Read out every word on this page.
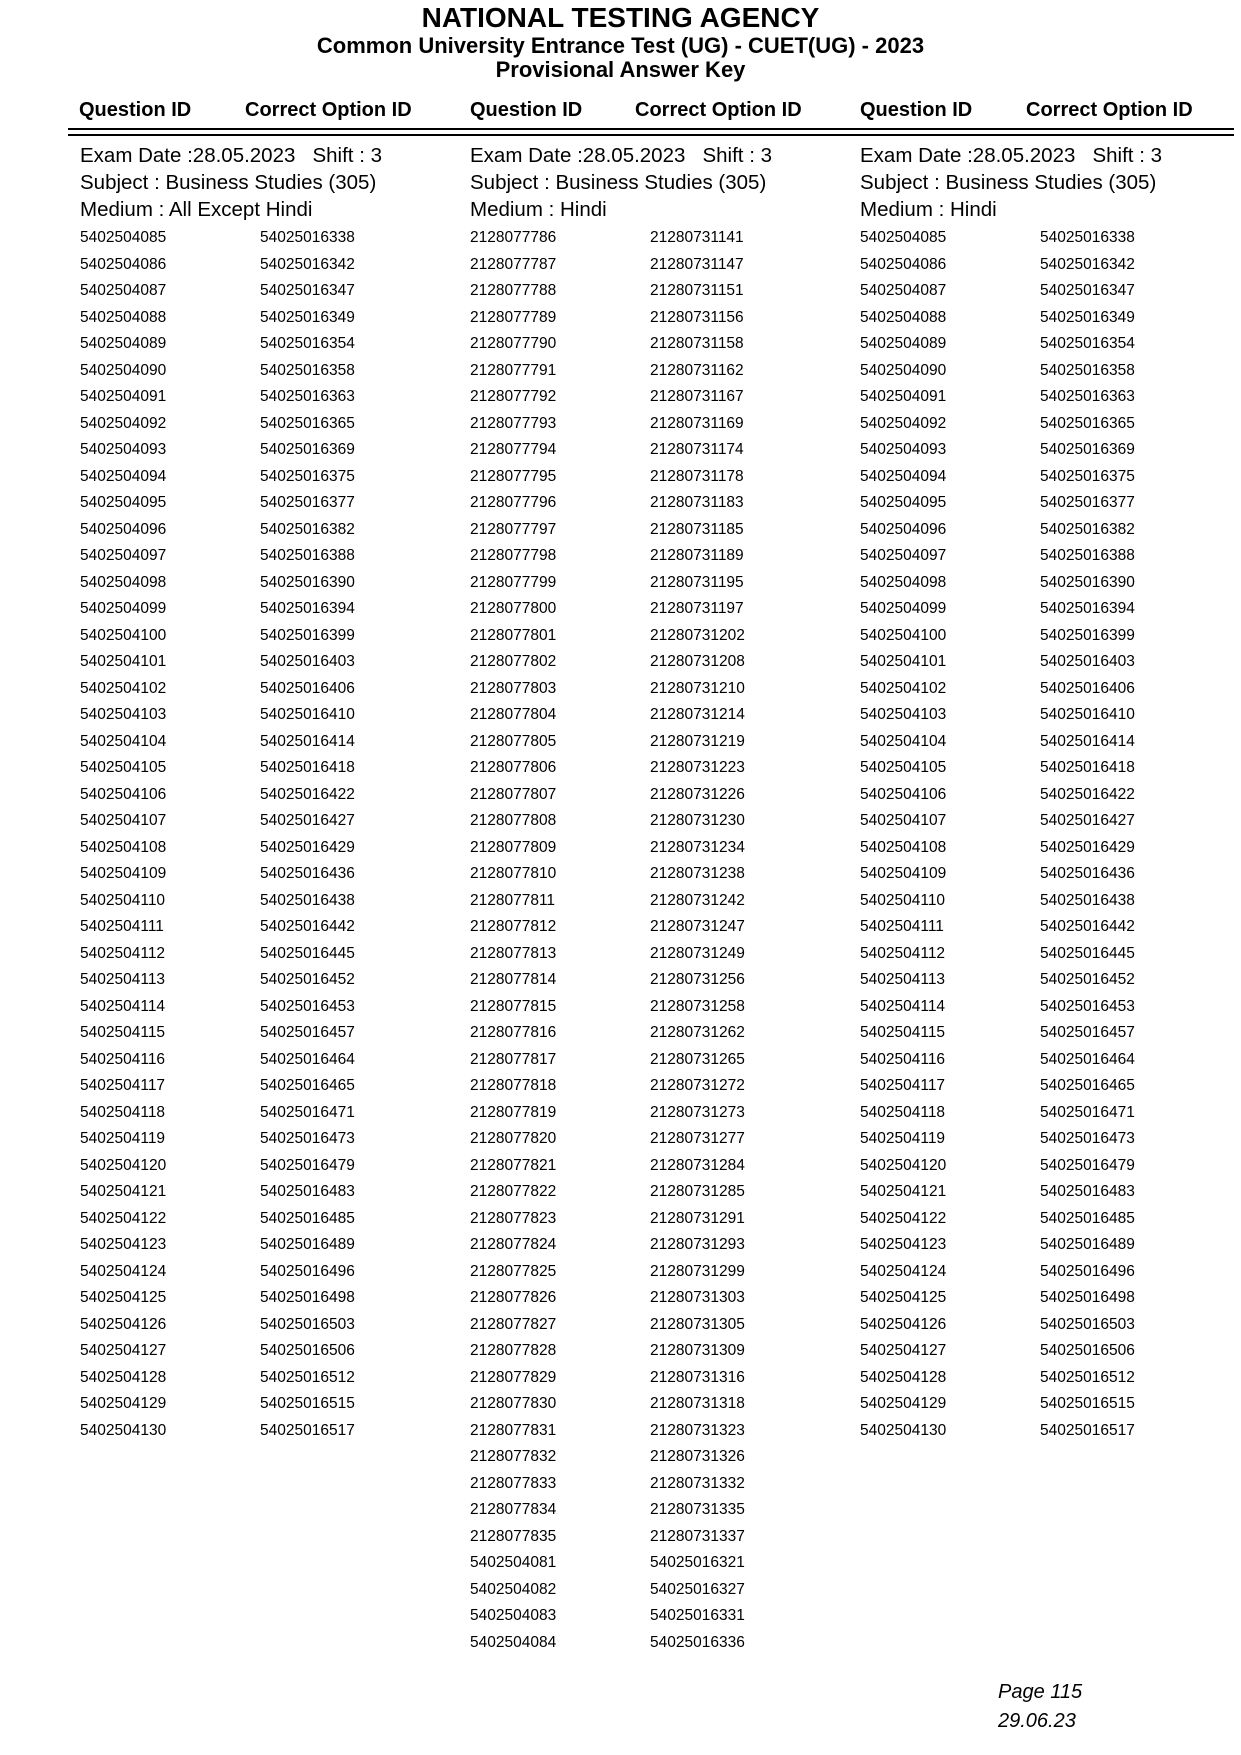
NATIONAL TESTING AGENCY
Common University Entrance Test (UG) - CUET(UG) - 2023
Provisional Answer Key
Question ID	Correct Option ID	Question ID	Correct Option ID	Question ID	Correct Option ID
Exam Date :28.05.2023 Shift : 3
Subject : Business Studies (305)
Medium : All Except Hindi
5402504085	54025016338
5402504086	54025016342
5402504087	54025016347
5402504088	54025016349
5402504089	54025016354
5402504090	54025016358
5402504091	54025016363
5402504092	54025016365
5402504093	54025016369
5402504094	54025016375
5402504095	54025016377
5402504096	54025016382
5402504097	54025016388
5402504098	54025016390
5402504099	54025016394
5402504100	54025016399
5402504101	54025016403
5402504102	54025016406
5402504103	54025016410
5402504104	54025016414
5402504105	54025016418
5402504106	54025016422
5402504107	54025016427
5402504108	54025016429
5402504109	54025016436
5402504110	54025016438
5402504111	54025016442
5402504112	54025016445
5402504113	54025016452
5402504114	54025016453
5402504115	54025016457
5402504116	54025016464
5402504117	54025016465
5402504118	54025016471
5402504119	54025016473
5402504120	54025016479
5402504121	54025016483
5402504122	54025016485
5402504123	54025016489
5402504124	54025016496
5402504125	54025016498
5402504126	54025016503
5402504127	54025016506
5402504128	54025016512
5402504129	54025016515
5402504130	54025016517
Exam Date :28.05.2023 Shift : 3
Subject : Business Studies (305)
Medium : Hindi
2128077786	21280731141
2128077787	21280731147
2128077788	21280731151
2128077789	21280731156
2128077790	21280731158
2128077791	21280731162
2128077792	21280731167
2128077793	21280731169
2128077794	21280731174
2128077795	21280731178
2128077796	21280731183
2128077797	21280731185
2128077798	21280731189
2128077799	21280731195
2128077800	21280731197
2128077801	21280731202
2128077802	21280731208
2128077803	21280731210
2128077804	21280731214
2128077805	21280731219
2128077806	21280731223
2128077807	21280731226
2128077808	21280731230
2128077809	21280731234
2128077810	21280731238
2128077811	21280731242
2128077812	21280731247
2128077813	21280731249
2128077814	21280731256
2128077815	21280731258
2128077816	21280731262
2128077817	21280731265
2128077818	21280731272
2128077819	21280731273
2128077820	21280731277
2128077821	21280731284
2128077822	21280731285
2128077823	21280731291
2128077824	21280731293
2128077825	21280731299
2128077826	21280731303
2128077827	21280731305
2128077828	21280731309
2128077829	21280731316
2128077830	21280731318
2128077831	21280731323
2128077832	21280731326
2128077833	21280731332
2128077834	21280731335
2128077835	21280731337
5402504081	54025016321
5402504082	54025016327
5402504083	54025016331
5402504084	54025016336
Exam Date :28.05.2023 Shift : 3
Subject : Business Studies (305)
Medium : Hindi
5402504085	54025016338
5402504086	54025016342
5402504087	54025016347
5402504088	54025016349
5402504089	54025016354
5402504090	54025016358
5402504091	54025016363
5402504092	54025016365
5402504093	54025016369
5402504094	54025016375
5402504095	54025016377
5402504096	54025016382
5402504097	54025016388
5402504098	54025016390
5402504099	54025016394
5402504100	54025016399
5402504101	54025016403
5402504102	54025016406
5402504103	54025016410
5402504104	54025016414
5402504105	54025016418
5402504106	54025016422
5402504107	54025016427
5402504108	54025016429
5402504109	54025016436
5402504110	54025016438
5402504111	54025016442
5402504112	54025016445
5402504113	54025016452
5402504114	54025016453
5402504115	54025016457
5402504116	54025016464
5402504117	54025016465
5402504118	54025016471
5402504119	54025016473
5402504120	54025016479
5402504121	54025016483
5402504122	54025016485
5402504123	54025016489
5402504124	54025016496
5402504125	54025016498
5402504126	54025016503
5402504127	54025016506
5402504128	54025016512
5402504129	54025016515
5402504130	54025016517
Page 115
29.06.23
